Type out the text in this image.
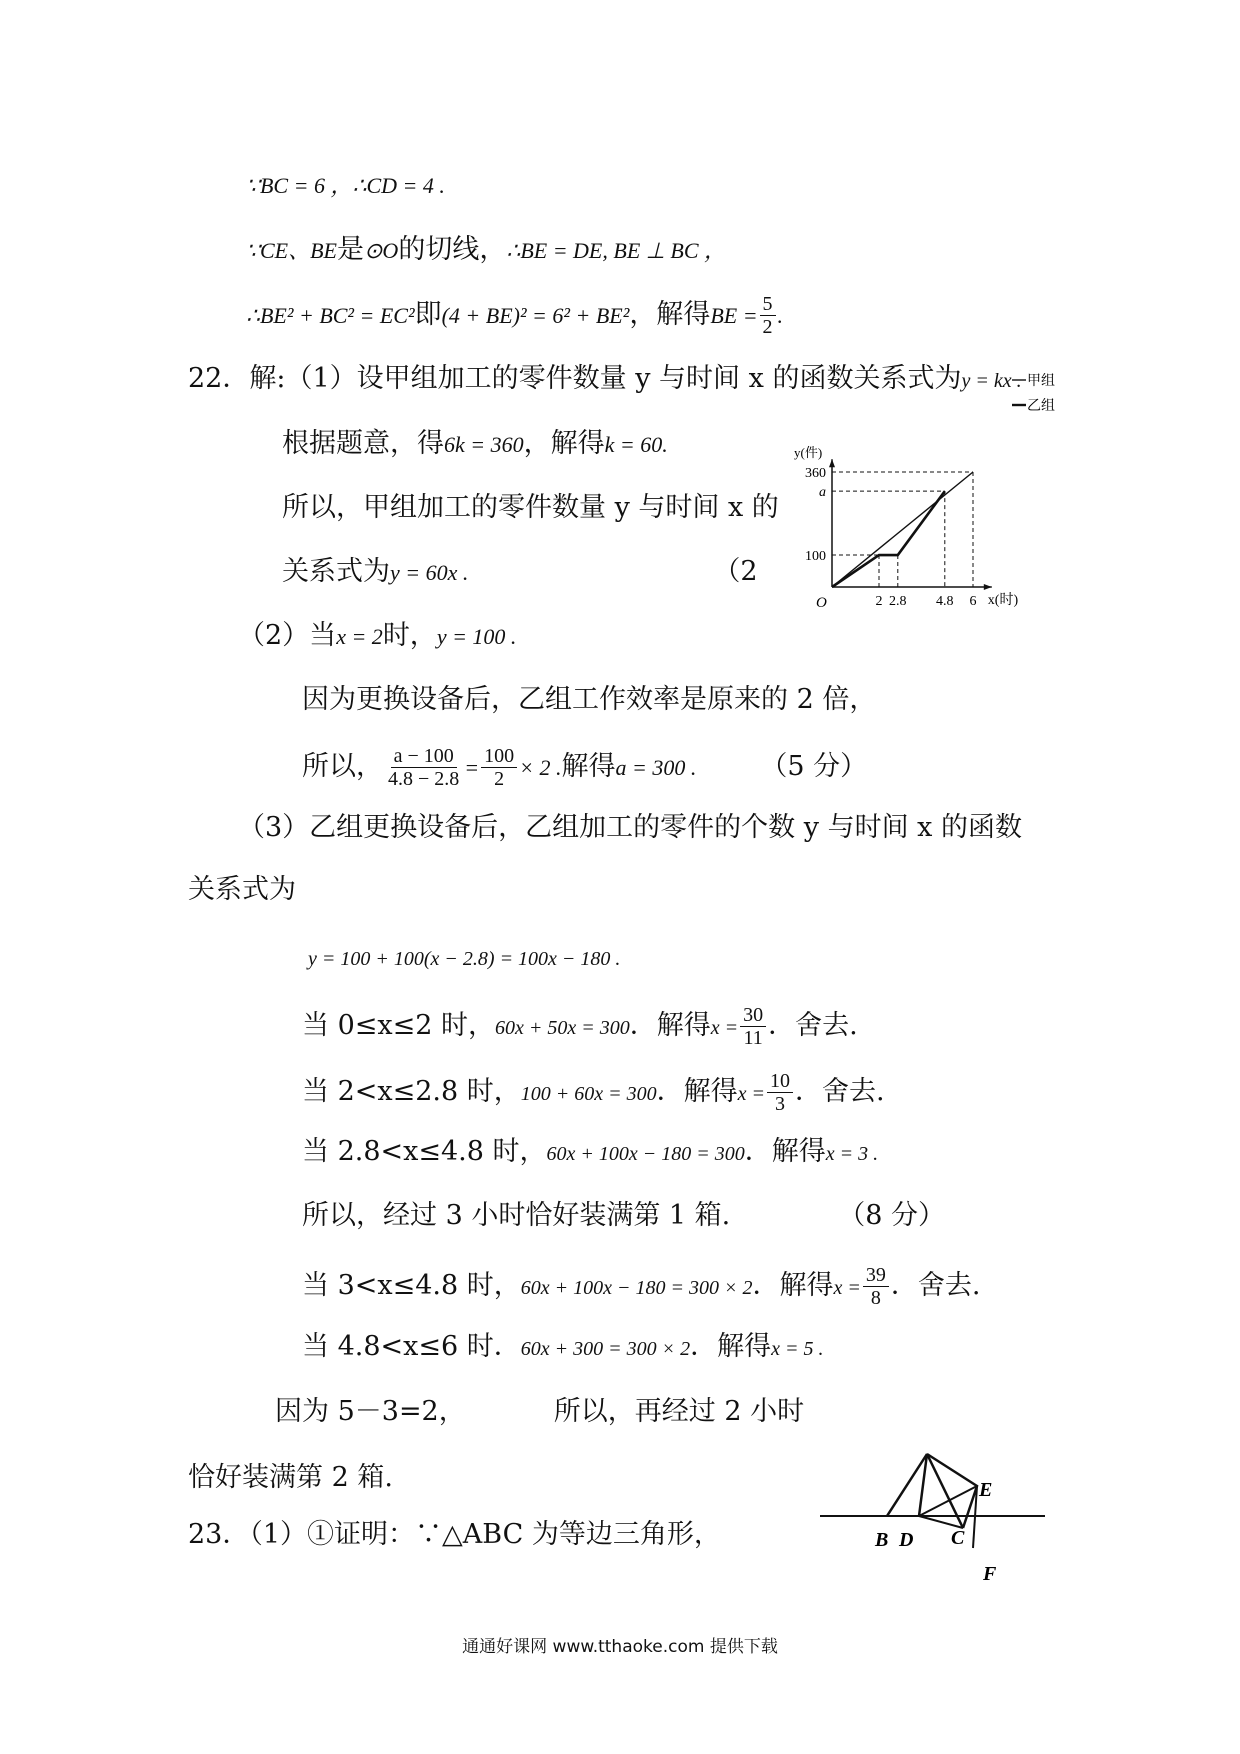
∵BC = 6 ，∴CD = 4 .
∵CE、BE是⊙O的切线，∴BE = DE, BE ⊥ BC ，
∴BE² + BC² = EC²即(4 + BE)² = 6² + BE²，解得BE = $\frac{5}{2}$ .
22．解:（1）设甲组加工的零件数量 y 与时间 x 的函数关系式为y = kx .
根据题意，得6k = 360，解得k = 60.
所以，甲组加工的零件数量 y 与时间 x 的
关系式为y = 60x .	（2
（2）当x = 2时，y = 100 .
因为更换设备后，乙组工作效率是原来的 2 倍，
所以， $\frac{a - 100}{4.8 - 2.8} = \frac{100}{2} \times 2$ .解得a = 300 . （5 分）
（3）乙组更换设备后，乙组加工的零件的个数 y 与时间 x 的函数
关系式为
y = 100 + 100(x − 2.8) = 100x − 180 .
当 0≤x≤2 时，60x + 50x = 300．解得$x = \frac{30}{11}$ ．舍去.
当 2<x≤2.8 时，100 + 60x = 300．解得$x = \frac{10}{3}$ ．舍去.
当 2.8<x≤4.8 时，60x + 100x − 180 = 300．解得x = 3 .
所以，经过 3 小时恰好装满第 1 箱.	（8 分）
当 3<x≤4.8 时，60x + 100x − 180 = 300 × 2．解得$x = \frac{39}{8}$ ．舍去.
当 4.8<x≤6 时．60x + 300 = 300 × 2．解得x = 5 .
因为 5－3=2，	所以，再经过 2 小时
恰好装满第 2 箱.
23．（1）①证明：∵△ABC 为等边三角形，
x(时)
y(件)
O	2 2.8 4.8 6
100
a
360
甲组
乙组
E
B D C
F
通通好课网 www.tthaoke.com 提供下载
